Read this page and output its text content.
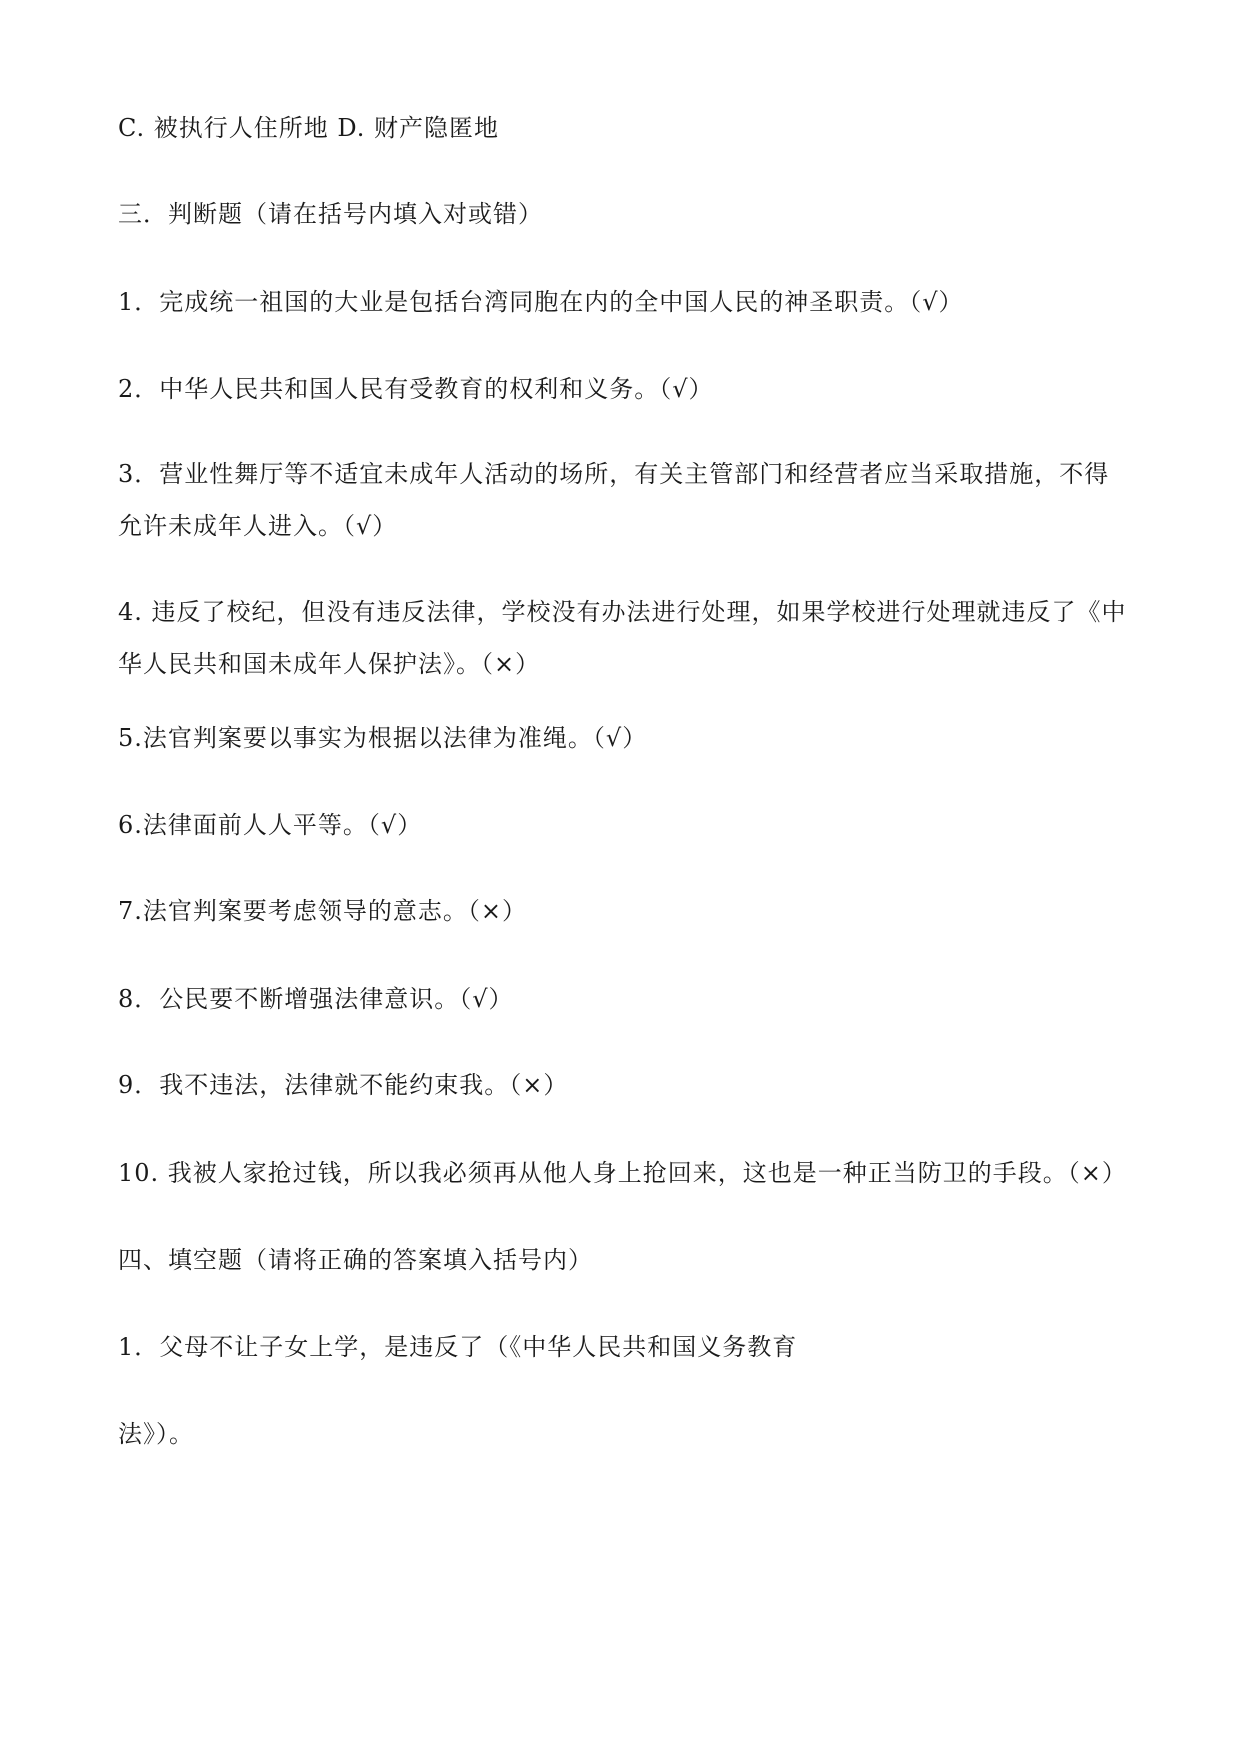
C. 被执行人住所地 D. 财产隐匿地
三．判断题（请在括号内填入对或错）
1．完成统一祖国的大业是包括台湾同胞在内的全中国人民的神圣职责。（√）
2．中华人民共和国人民有受教育的权利和义务。（√）
3．营业性舞厅等不适宜未成年人活动的场所，有关主管部门和经营者应当采取措施，不得允许未成年人进入。（√）
4. 违反了校纪，但没有违反法律，学校没有办法进行处理，如果学校进行处理就违反了《中华人民共和国未成年人保护法》。（×）
5.法官判案要以事实为根据以法律为准绳。（√）
6.法律面前人人平等。（√）
7.法官判案要考虑领导的意志。（×）
8．公民要不断增强法律意识。（√）
9．我不违法，法律就不能约束我。（×）
10. 我被人家抢过钱，所以我必须再从他人身上抢回来，这也是一种正当防卫的手段。（×）
四、填空题（请将正确的答案填入括号内）
1．父母不让子女上学，是违反了（《中华人民共和国义务教育
法》）。
